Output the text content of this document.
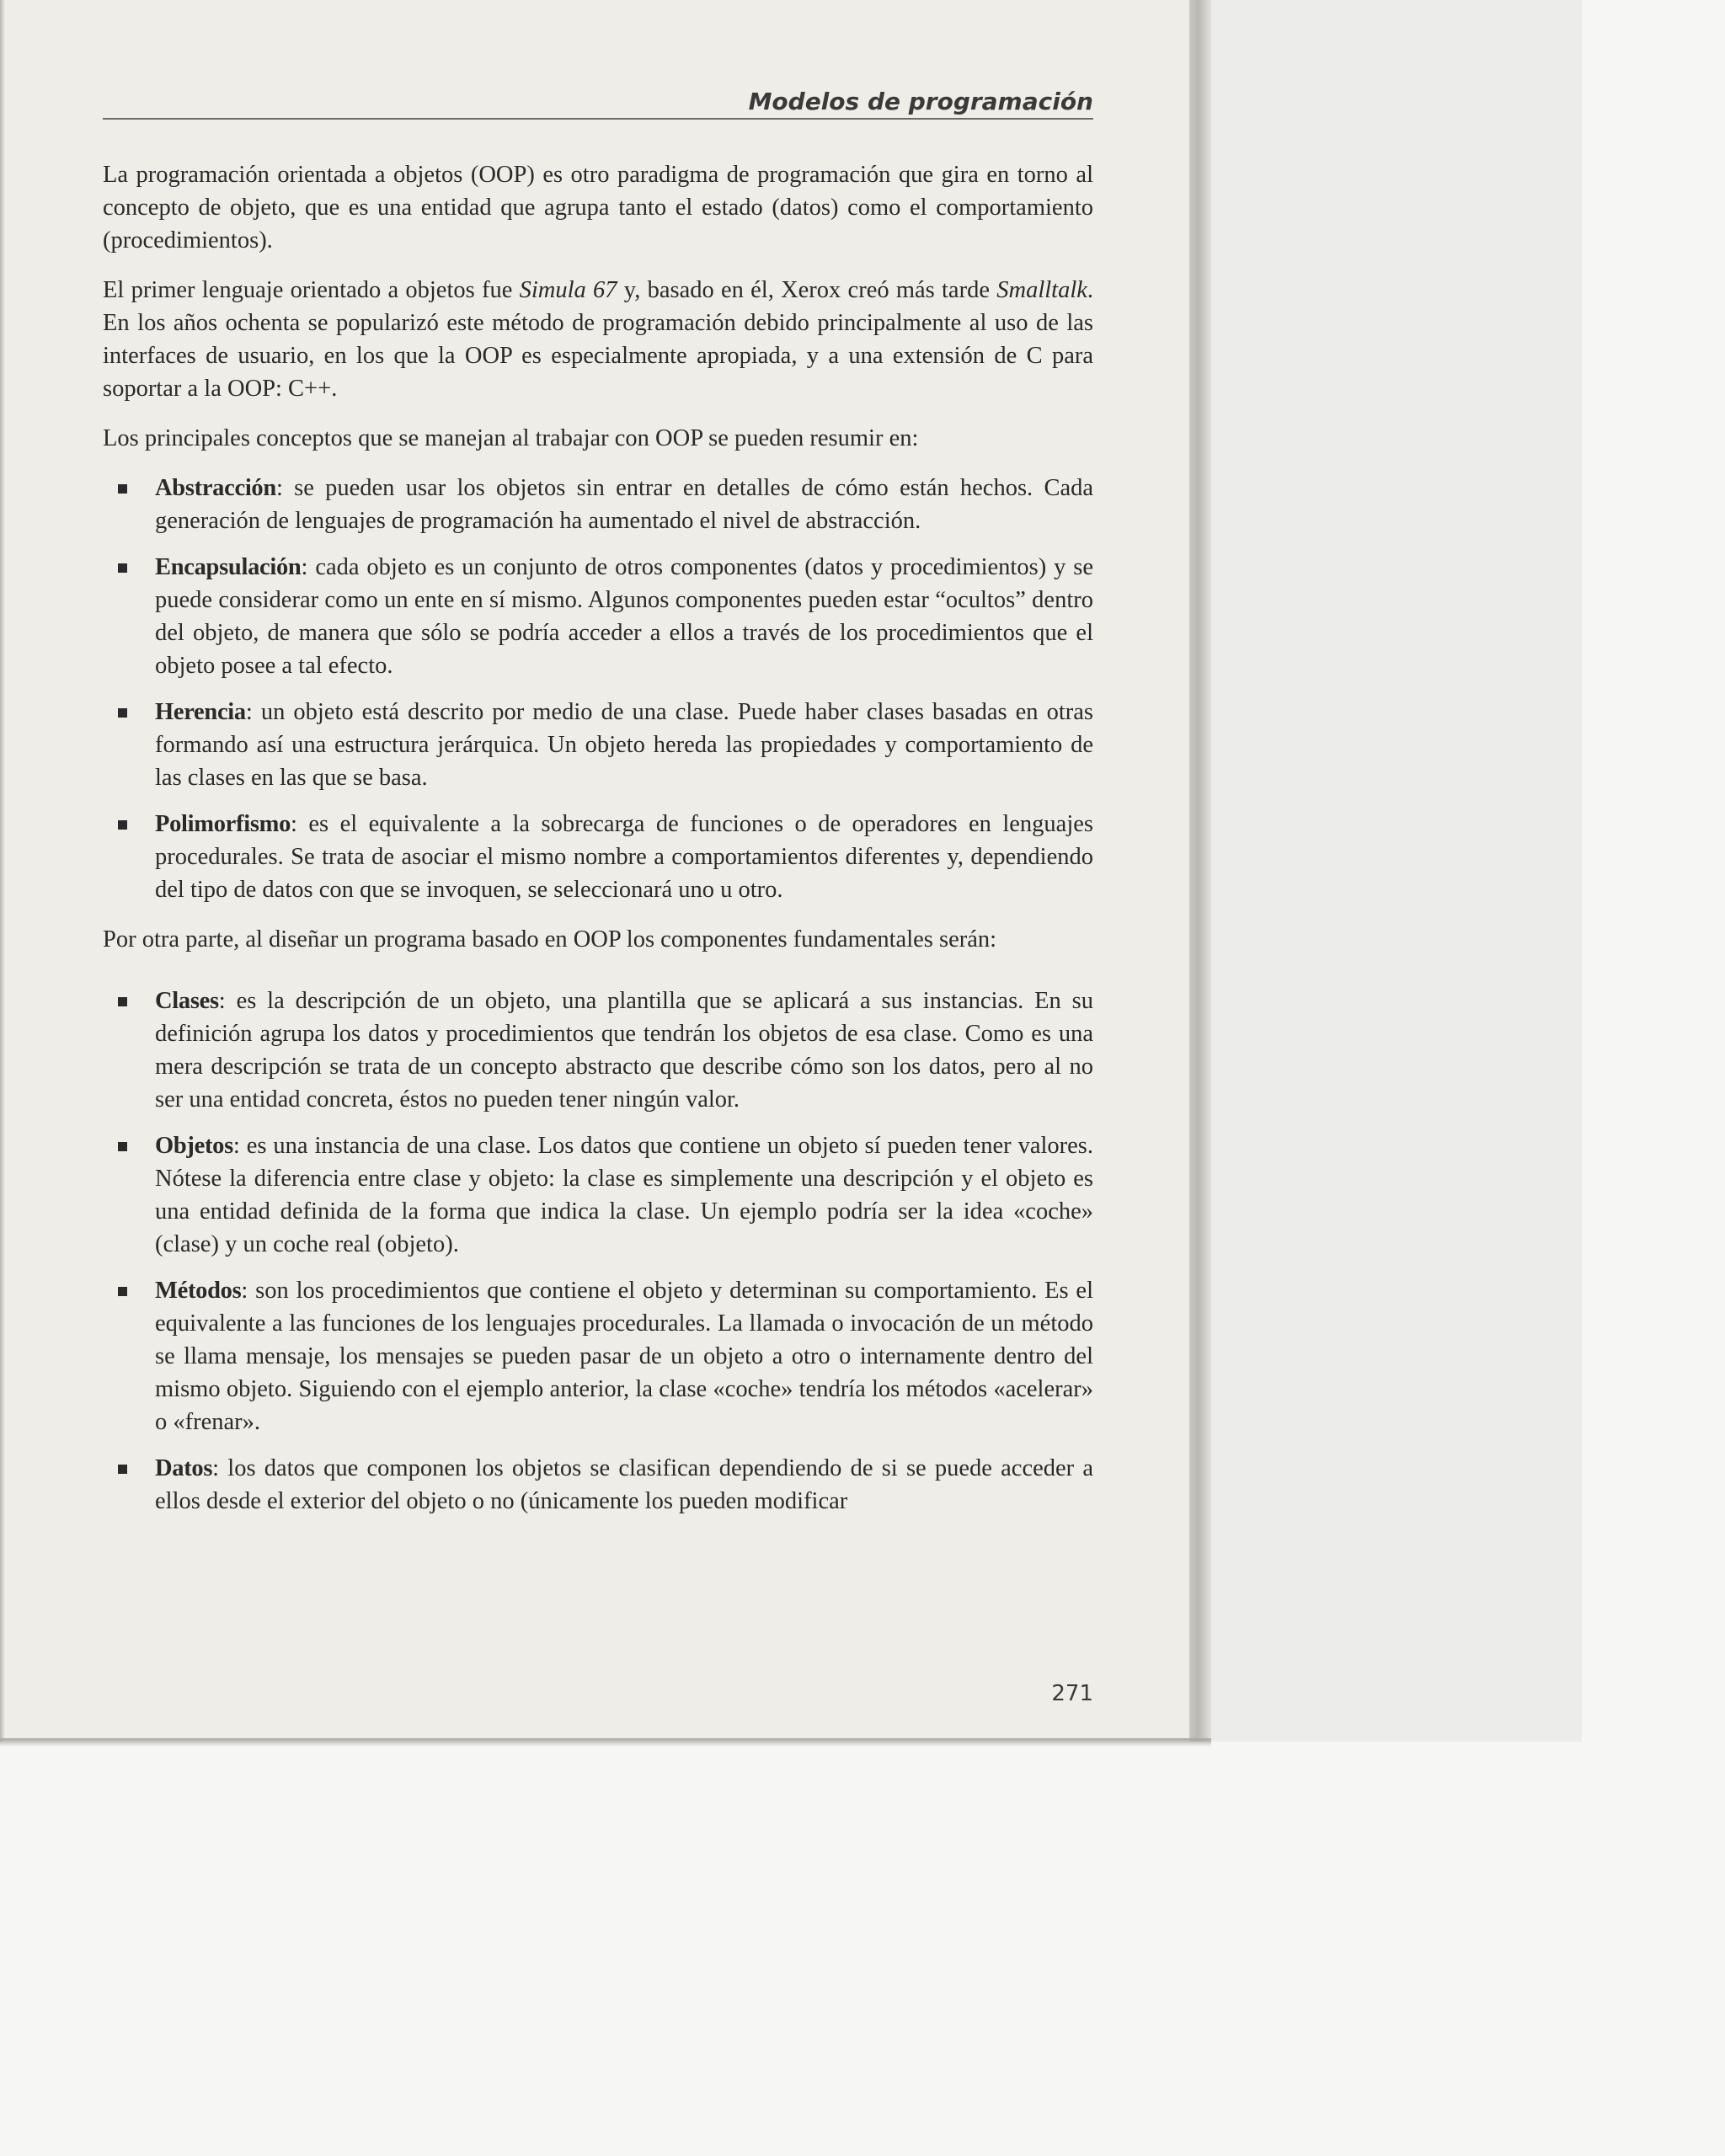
Modelos de programación

La programación orientada a objetos (OOP) es otro paradigma de programación que gira en torno al concepto de objeto, que es una entidad que agrupa tanto el estado (datos) como el comportamiento (procedimientos).

El primer lenguaje orientado a objetos fue Simula 67 y, basado en él, Xerox creó más tarde Smalltalk. En los años ochenta se popularizó este método de programación debido principalmente al uso de las interfaces de usuario, en los que la OOP es especialmente apropiada, y a una extensión de C para soportar a la OOP: C++.

Los principales conceptos que se manejan al trabajar con OOP se pueden resumir en:

Abstracción: se pueden usar los objetos sin entrar en detalles de cómo están hechos. Cada generación de lenguajes de programación ha aumentado el nivel de abstracción.
Encapsulación: cada objeto es un conjunto de otros componentes (datos y procedimientos) y se puede considerar como un ente en sí mismo. Algunos componentes pueden estar “ocultos” dentro del objeto, de manera que sólo se podría acceder a ellos a través de los procedimientos que el objeto posee a tal efecto.
Herencia: un objeto está descrito por medio de una clase. Puede haber clases basadas en otras formando así una estructura jerárquica. Un objeto hereda las propiedades y comportamiento de las clases en las que se basa.
Polimorfismo: es el equivalente a la sobrecarga de funciones o de operadores en lenguajes procedurales. Se trata de asociar el mismo nombre a comportamientos diferentes y, dependiendo del tipo de datos con que se invoquen, se seleccionará uno u otro.

Por otra parte, al diseñar un programa basado en OOP los componentes fundamentales serán:

Clases: es la descripción de un objeto, una plantilla que se aplicará a sus instancias. En su definición agrupa los datos y procedimientos que tendrán los objetos de esa clase. Como es una mera descripción se trata de un concepto abstracto que describe cómo son los datos, pero al no ser una entidad concreta, éstos no pueden tener ningún valor.
Objetos: es una instancia de una clase. Los datos que contiene un objeto sí pueden tener valores. Nótese la diferencia entre clase y objeto: la clase es simplemente una descripción y el objeto es una entidad definida de la forma que indica la clase. Un ejemplo podría ser la idea «coche» (clase) y un coche real (objeto).
Métodos: son los procedimientos que contiene el objeto y determinan su comportamiento. Es el equivalente a las funciones de los lenguajes procedurales. La llamada o invocación de un método se llama mensaje, los mensajes se pueden pasar de un objeto a otro o internamente dentro del mismo objeto. Siguiendo con el ejemplo anterior, la clase «coche» tendría los métodos «acelerar» o «frenar».
Datos: los datos que componen los objetos se clasifican dependiendo de si se puede acceder a ellos desde el exterior del objeto o no (únicamente los pueden modificar
271
